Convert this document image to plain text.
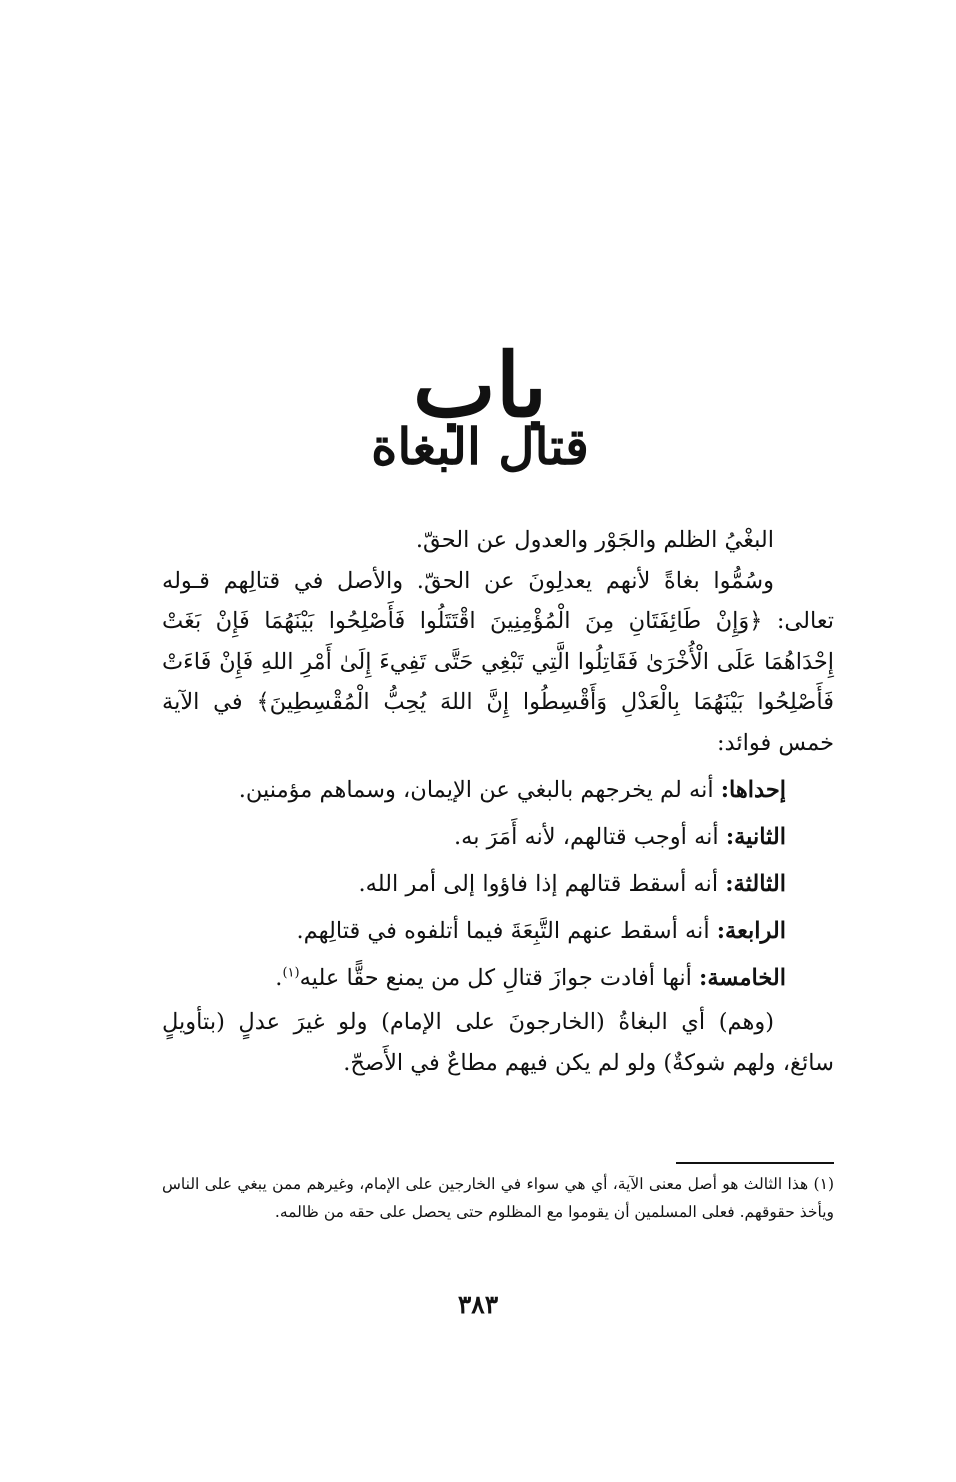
باب
قتال البغاة

البغْيُ الظلم والجَوْر والعدول عن الحقّ.

وسُمُّوا بغاةً لأنهم يعدلِونَ عن الحقّ. والأصل في قتالِهم قـوله تعالى: ﴿وَإِنْ طَائِفَتَانِ مِنَ الْمُؤْمِنِينَ اقْتَتَلُوا فَأَصْلِحُوا بَيْنَهُمَا فَإِنْ بَغَتْ إِحْدَاهُمَا عَلَى الْأُخْرَىٰ فَقَاتِلُوا الَّتِي تَبْغِي حَتَّى تَفِيءَ إِلَىٰ أَمْرِ اللهِ فَإِنْ فَاءَتْ فَأَصْلِحُوا بَيْنَهُمَا بِالْعَدْلِ وَأَقْسِطُوا إِنَّ اللهَ يُحِبُّ الْمُقْسِطِينَ﴾ في الآية خمس فوائد:

إحداها: أنه لم يخرجهم بالبغي عن الإيمان، وسماهم مؤمنين.
الثانية: أنه أوجب قتالهم، لأنه أَمَرَ به.
الثالثة: أنه أسقط قتالهم إذا فاؤوا إلى أمر الله.
الرابعة: أنه أسقط عنهم التَّبِعَةَ فيما أتلفوه في قتالِهم.
الخامسة: أنها أفادت جوازَ قتالِ كل من يمنع حقًّا عليه$^{(١)}$.

(وهم) أي البغاةُ (الخارجونَ على الإمام) ولو غيرَ عدلٍ (بتأويلٍ سائغ، ولهم شوكةٌ) ولو لم يكن فيهم مطاعٌ في الأَصحّ.

(١) هذا الثالث هو أصل معنى الآية، أي هي سواء في الخارجين على الإمام، وغيرهم ممن يبغي على الناس ويأخذ حقوقهم. فعلى المسلمين أن يقوموا مع المظلوم حتى يحصل على حقه من ظالمه.
٣٨٣
